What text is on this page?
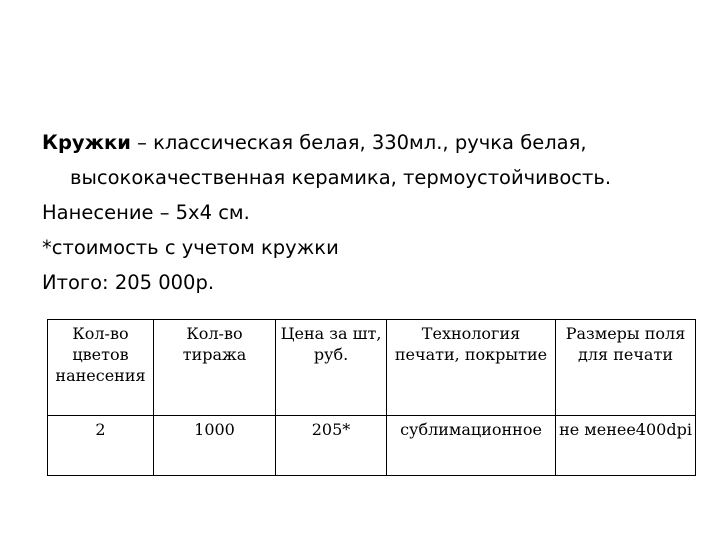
Кружки – классическая белая, 330мл., ручка белая,
высококачественная керамика, термоустойчивость.

Нанесение – 5х4 см.

*стоимость с учетом кружки

Итого: 205 000р.

Кол-во цветов нанесения	Кол-во тиража	Цена за шт, руб.	Технология печати, покрытие	Размеры поля для печати
2	1000	205*	сублимационное	не менее400dpi
